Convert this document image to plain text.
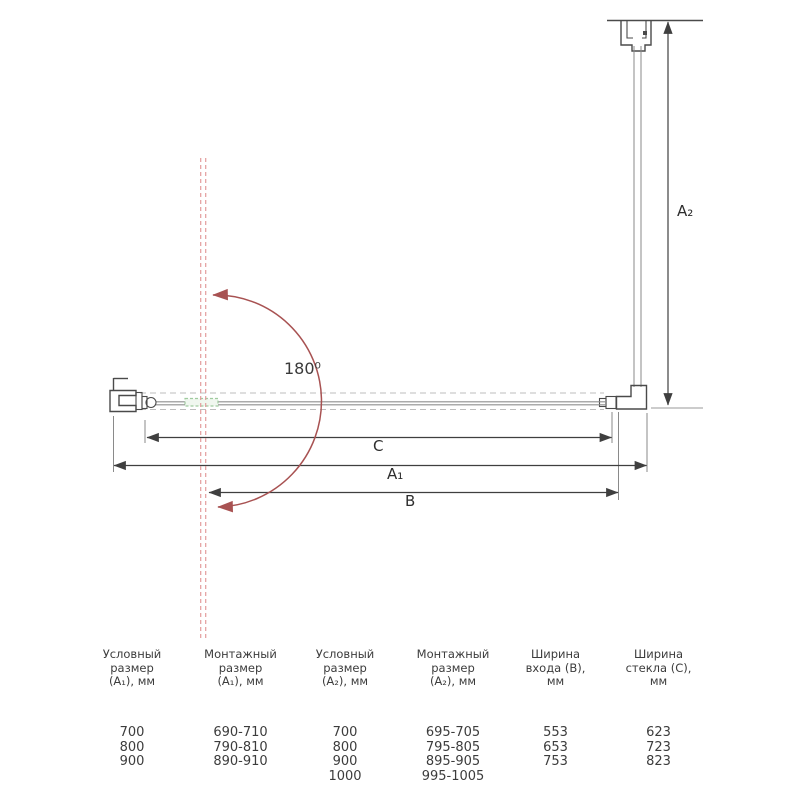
A₂
C
A₁
B
180⁰
Условный
размер
(A₁), мм
700
800
900
Монтажный
размер
(A₁), мм
690-710
790-810
890-910
Условный
размер
(A₂), мм
700
800
900
1000
Монтажный
размер
(A₂), мм
695-705
795-805
895-905
995-1005
Ширина
входа (B),
мм
553
653
753
Ширина
стекла (C),
мм
623
723
823
